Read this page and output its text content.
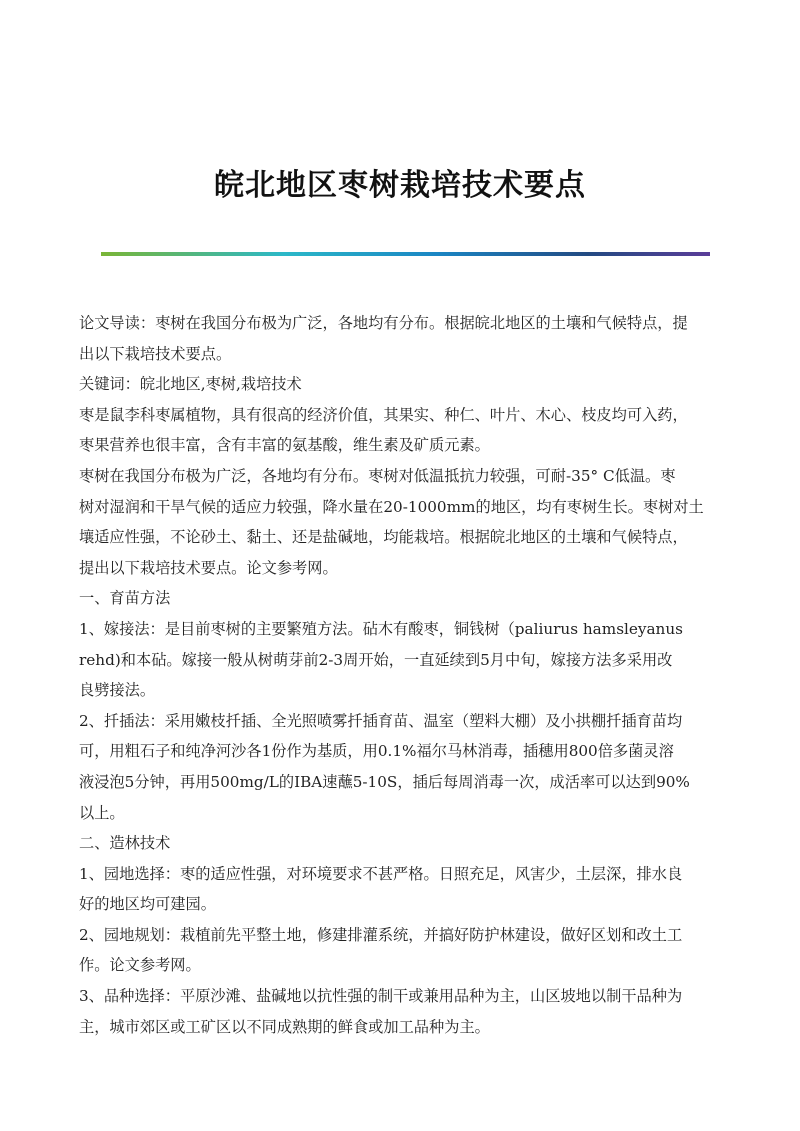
皖北地区枣树栽培技术要点
论文导读：枣树在我国分布极为广泛，各地均有分布。根据皖北地区的土壤和气候特点，提
出以下栽培技术要点。
关键词：皖北地区,枣树,栽培技术
枣是鼠李科枣属植物，具有很高的经济价值，其果实、种仁、叶片、木心、枝皮均可入药，
枣果营养也很丰富，含有丰富的氨基酸，维生素及矿质元素。
枣树在我国分布极为广泛，各地均有分布。枣树对低温抵抗力较强，可耐-35° C低温。枣
树对湿润和干旱气候的适应力较强，降水量在20-1000mm的地区，均有枣树生长。枣树对土
壤适应性强，不论砂土、黏土、还是盐碱地，均能栽培。根据皖北地区的土壤和气候特点，
提出以下栽培技术要点。论文参考网。
一、育苗方法
1、嫁接法：是目前枣树的主要繁殖方法。砧木有酸枣，铜钱树（paliurus hamsleyanus
rehd)和本砧。嫁接一般从树萌芽前2-3周开始，一直延续到5月中旬，嫁接方法多采用改
良劈接法。
2、扦插法：采用嫩枝扦插、全光照喷雾扦插育苗、温室（塑料大棚）及小拱棚扦插育苗均
可，用粗石子和纯净河沙各1份作为基质，用0.1%福尔马林消毒，插穗用800倍多菌灵溶
液浸泡5分钟，再用500mg/L的IBA速蘸5-10S，插后每周消毒一次，成活率可以达到90%
以上。
二、造林技术
1、园地选择：枣的适应性强，对环境要求不甚严格。日照充足，风害少，土层深，排水良
好的地区均可建园。
2、园地规划：栽植前先平整土地，修建排灌系统，并搞好防护林建设，做好区划和改土工
作。论文参考网。
3、品种选择：平原沙滩、盐碱地以抗性强的制干或兼用品种为主，山区坡地以制干品种为
主，城市郊区或工矿区以不同成熟期的鲜食或加工品种为主。
